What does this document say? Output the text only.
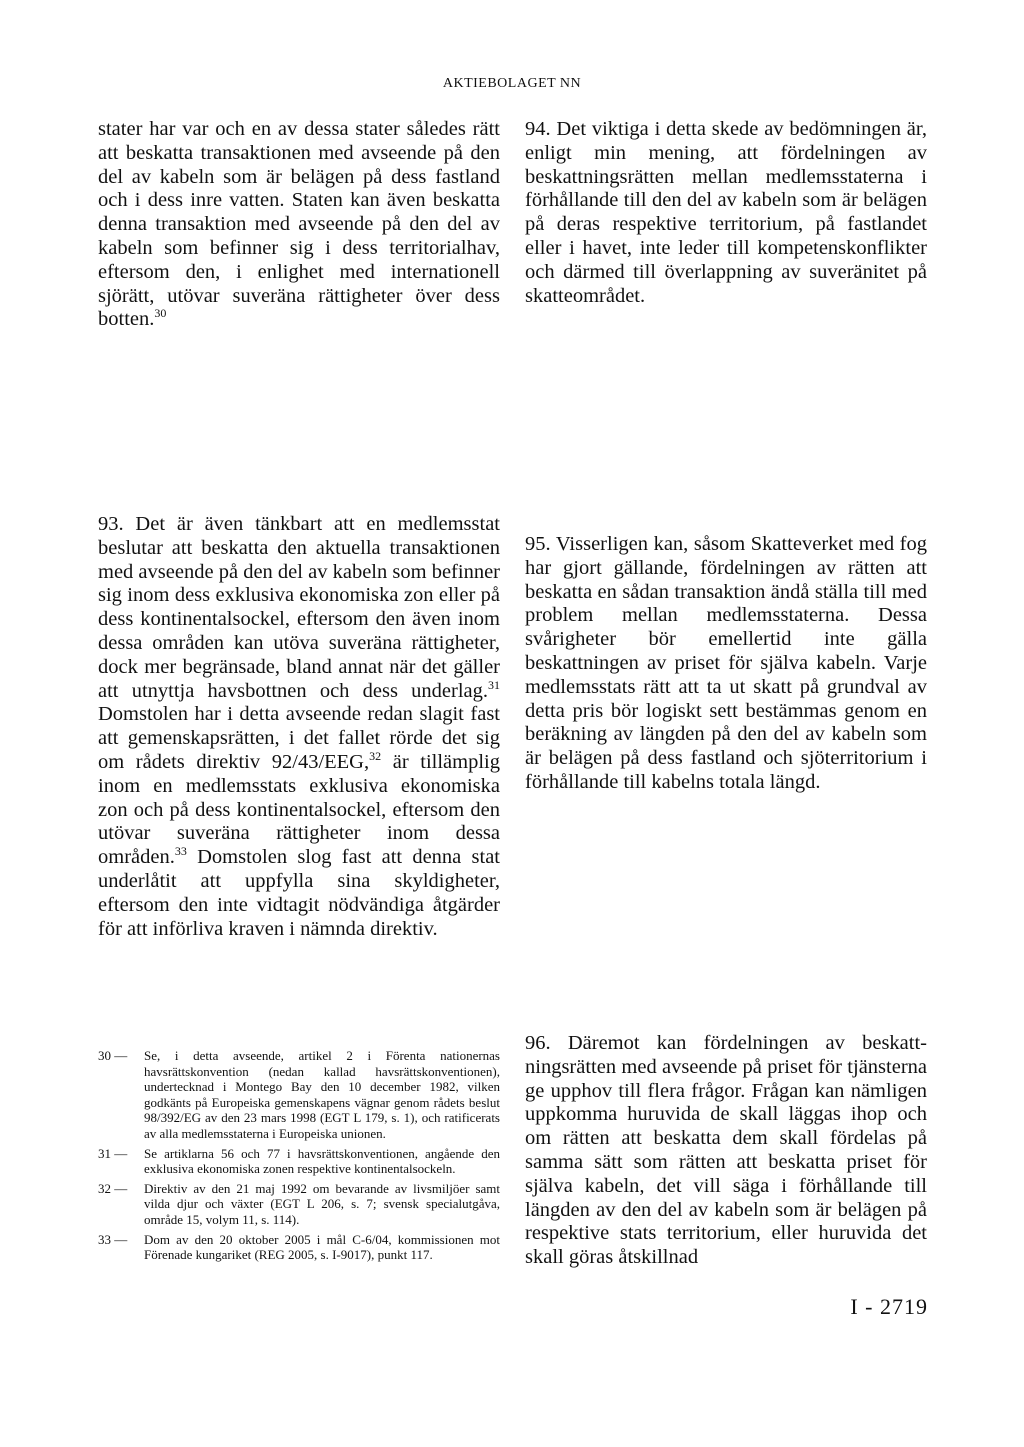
AKTIEBOLAGET NN

stater har var och en av dessa stater således rätt att beskatta transaktionen med avseende på den del av kabeln som är belägen på dess fastland och i dess inre vatten. Staten kan även beskatta denna transaktion med avseende på den del av kabeln som befinner sig i dess territorialhav, eftersom den, i enlighet med internationell sjörätt, utövar suveräna rättigheter över dess botten.$^{30}$

93. Det är även tänkbart att en medlemsstat beslutar att beskatta den aktuella transaktionen med avseende på den del av kabeln som befinner sig inom dess exklusiva ekonomiska zon eller på dess kontinentalsockel, eftersom den även inom dessa områden kan utöva suveräna rättigheter, dock mer begränsade, bland annat när det gäller att utnyttja havsbottnen och dess underlag.$^{31}$ Domstolen har i detta avseende redan slagit fast att gemenskapsrätten, i det fallet rörde det sig om rådets direktiv 92/43/EEG,$^{32}$ är tillämplig inom en medlemsstats exklusiva ekonomiska zon och på dess kontinentalsockel, eftersom den utövar suveräna rättigheter inom dessa områden.$^{33}$ Domstolen slog fast att denna stat underlåtit att uppfylla sina skyldigheter, eftersom den inte vidtagit nödvändiga åtgärder för att införliva kraven i nämnda direktiv.

94. Det viktiga i detta skede av bedömningen är, enligt min mening, att fördelningen av beskattningsrätten mellan medlemsstaterna i förhållande till den del av kabeln som är belägen på deras respektive territorium, på fastlandet eller i havet, inte leder till kompetenskonflikter och därmed till överlappning av suveränitet på skatteområdet.

95. Visserligen kan, såsom Skatteverket med fog har gjort gällande, fördelningen av rätten att beskatta en sådan transaktion ändå ställa till med problem mellan medlemsstaterna. Dessa svårigheter bör emellertid inte gälla beskattningen av priset för själva kabeln. Varje medlemsstats rätt att ta ut skatt på grundval av detta pris bör logiskt sett bestämmas genom en beräkning av längden på den del av kabeln som är belägen på dess fastland och sjöterritorium i förhållande till kabelns totala längd.

96. Däremot kan fördelningen av beskattningsrätten med avseende på priset för tjänsterna ge upphov till flera frågor. Frågan kan nämligen uppkomma huruvida de skall läggas ihop och om rätten att beskatta dem skall fördelas på samma sätt som rätten att beskatta priset för själva kabeln, det vill säga i förhållande till längden av den del av kabeln som är belägen på respektive stats territorium, eller huruvida det skall göras åtskillnad

30 —	Se, i detta avseende, artikel 2 i Förenta nationernas havsrättskonvention (nedan kallad havsrättskonventionen), undertecknad i Montego Bay den 10 december 1982, vilken godkänts på Europeiska gemenskapens vägnar genom rådets beslut 98/392/EG av den 23 mars 1998 (EGT L 179, s. 1), och ratificerats av alla medlemsstaterna i Europeiska unionen.
31 —	Se artiklarna 56 och 77 i havsrättskonventionen, angående den exklusiva ekonomiska zonen respektive kontinentalsockeln.
32 —	Direktiv av den 21 maj 1992 om bevarande av livsmiljöer samt vilda djur och växter (EGT L 206, s. 7; svensk specialutgåva, område 15, volym 11, s. 114).
33 —	Dom av den 20 oktober 2005 i mål C-6/04, kommissionen mot Förenade kungariket (REG 2005, s. I-9017), punkt 117.
I - 2719
